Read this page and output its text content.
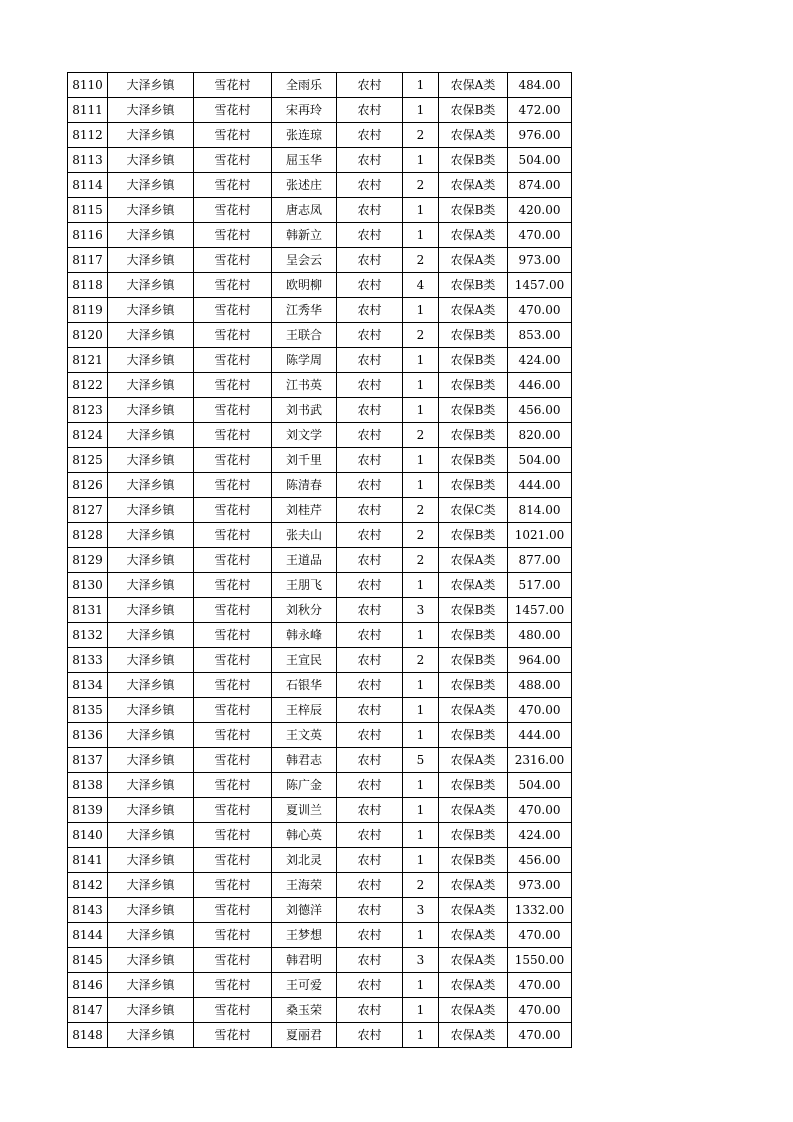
8110	大泽乡镇	雪花村	全雨乐	农村	1	农保A类	484.00
8111	大泽乡镇	雪花村	宋再玲	农村	1	农保B类	472.00
8112	大泽乡镇	雪花村	张连琼	农村	2	农保A类	976.00
8113	大泽乡镇	雪花村	屈玉华	农村	1	农保B类	504.00
8114	大泽乡镇	雪花村	张述庄	农村	2	农保A类	874.00
8115	大泽乡镇	雪花村	唐志凤	农村	1	农保B类	420.00
8116	大泽乡镇	雪花村	韩新立	农村	1	农保A类	470.00
8117	大泽乡镇	雪花村	呈会云	农村	2	农保A类	973.00
8118	大泽乡镇	雪花村	欧明柳	农村	4	农保B类	1457.00
8119	大泽乡镇	雪花村	江秀华	农村	1	农保A类	470.00
8120	大泽乡镇	雪花村	王联合	农村	2	农保B类	853.00
8121	大泽乡镇	雪花村	陈学周	农村	1	农保B类	424.00
8122	大泽乡镇	雪花村	江书英	农村	1	农保B类	446.00
8123	大泽乡镇	雪花村	刘书武	农村	1	农保B类	456.00
8124	大泽乡镇	雪花村	刘文学	农村	2	农保B类	820.00
8125	大泽乡镇	雪花村	刘千里	农村	1	农保B类	504.00
8126	大泽乡镇	雪花村	陈清春	农村	1	农保B类	444.00
8127	大泽乡镇	雪花村	刘桂芹	农村	2	农保C类	814.00
8128	大泽乡镇	雪花村	张夫山	农村	2	农保B类	1021.00
8129	大泽乡镇	雪花村	王道品	农村	2	农保A类	877.00
8130	大泽乡镇	雪花村	王朋飞	农村	1	农保A类	517.00
8131	大泽乡镇	雪花村	刘秋分	农村	3	农保B类	1457.00
8132	大泽乡镇	雪花村	韩永峰	农村	1	农保B类	480.00
8133	大泽乡镇	雪花村	王宣民	农村	2	农保B类	964.00
8134	大泽乡镇	雪花村	石银华	农村	1	农保B类	488.00
8135	大泽乡镇	雪花村	王梓辰	农村	1	农保A类	470.00
8136	大泽乡镇	雪花村	王文英	农村	1	农保B类	444.00
8137	大泽乡镇	雪花村	韩君志	农村	5	农保A类	2316.00
8138	大泽乡镇	雪花村	陈广金	农村	1	农保B类	504.00
8139	大泽乡镇	雪花村	夏训兰	农村	1	农保A类	470.00
8140	大泽乡镇	雪花村	韩心英	农村	1	农保B类	424.00
8141	大泽乡镇	雪花村	刘北灵	农村	1	农保B类	456.00
8142	大泽乡镇	雪花村	王海荣	农村	2	农保A类	973.00
8143	大泽乡镇	雪花村	刘德洋	农村	3	农保A类	1332.00
8144	大泽乡镇	雪花村	王梦想	农村	1	农保A类	470.00
8145	大泽乡镇	雪花村	韩君明	农村	3	农保A类	1550.00
8146	大泽乡镇	雪花村	王可爱	农村	1	农保A类	470.00
8147	大泽乡镇	雪花村	桑玉荣	农村	1	农保A类	470.00
8148	大泽乡镇	雪花村	夏丽君	农村	1	农保A类	470.00
